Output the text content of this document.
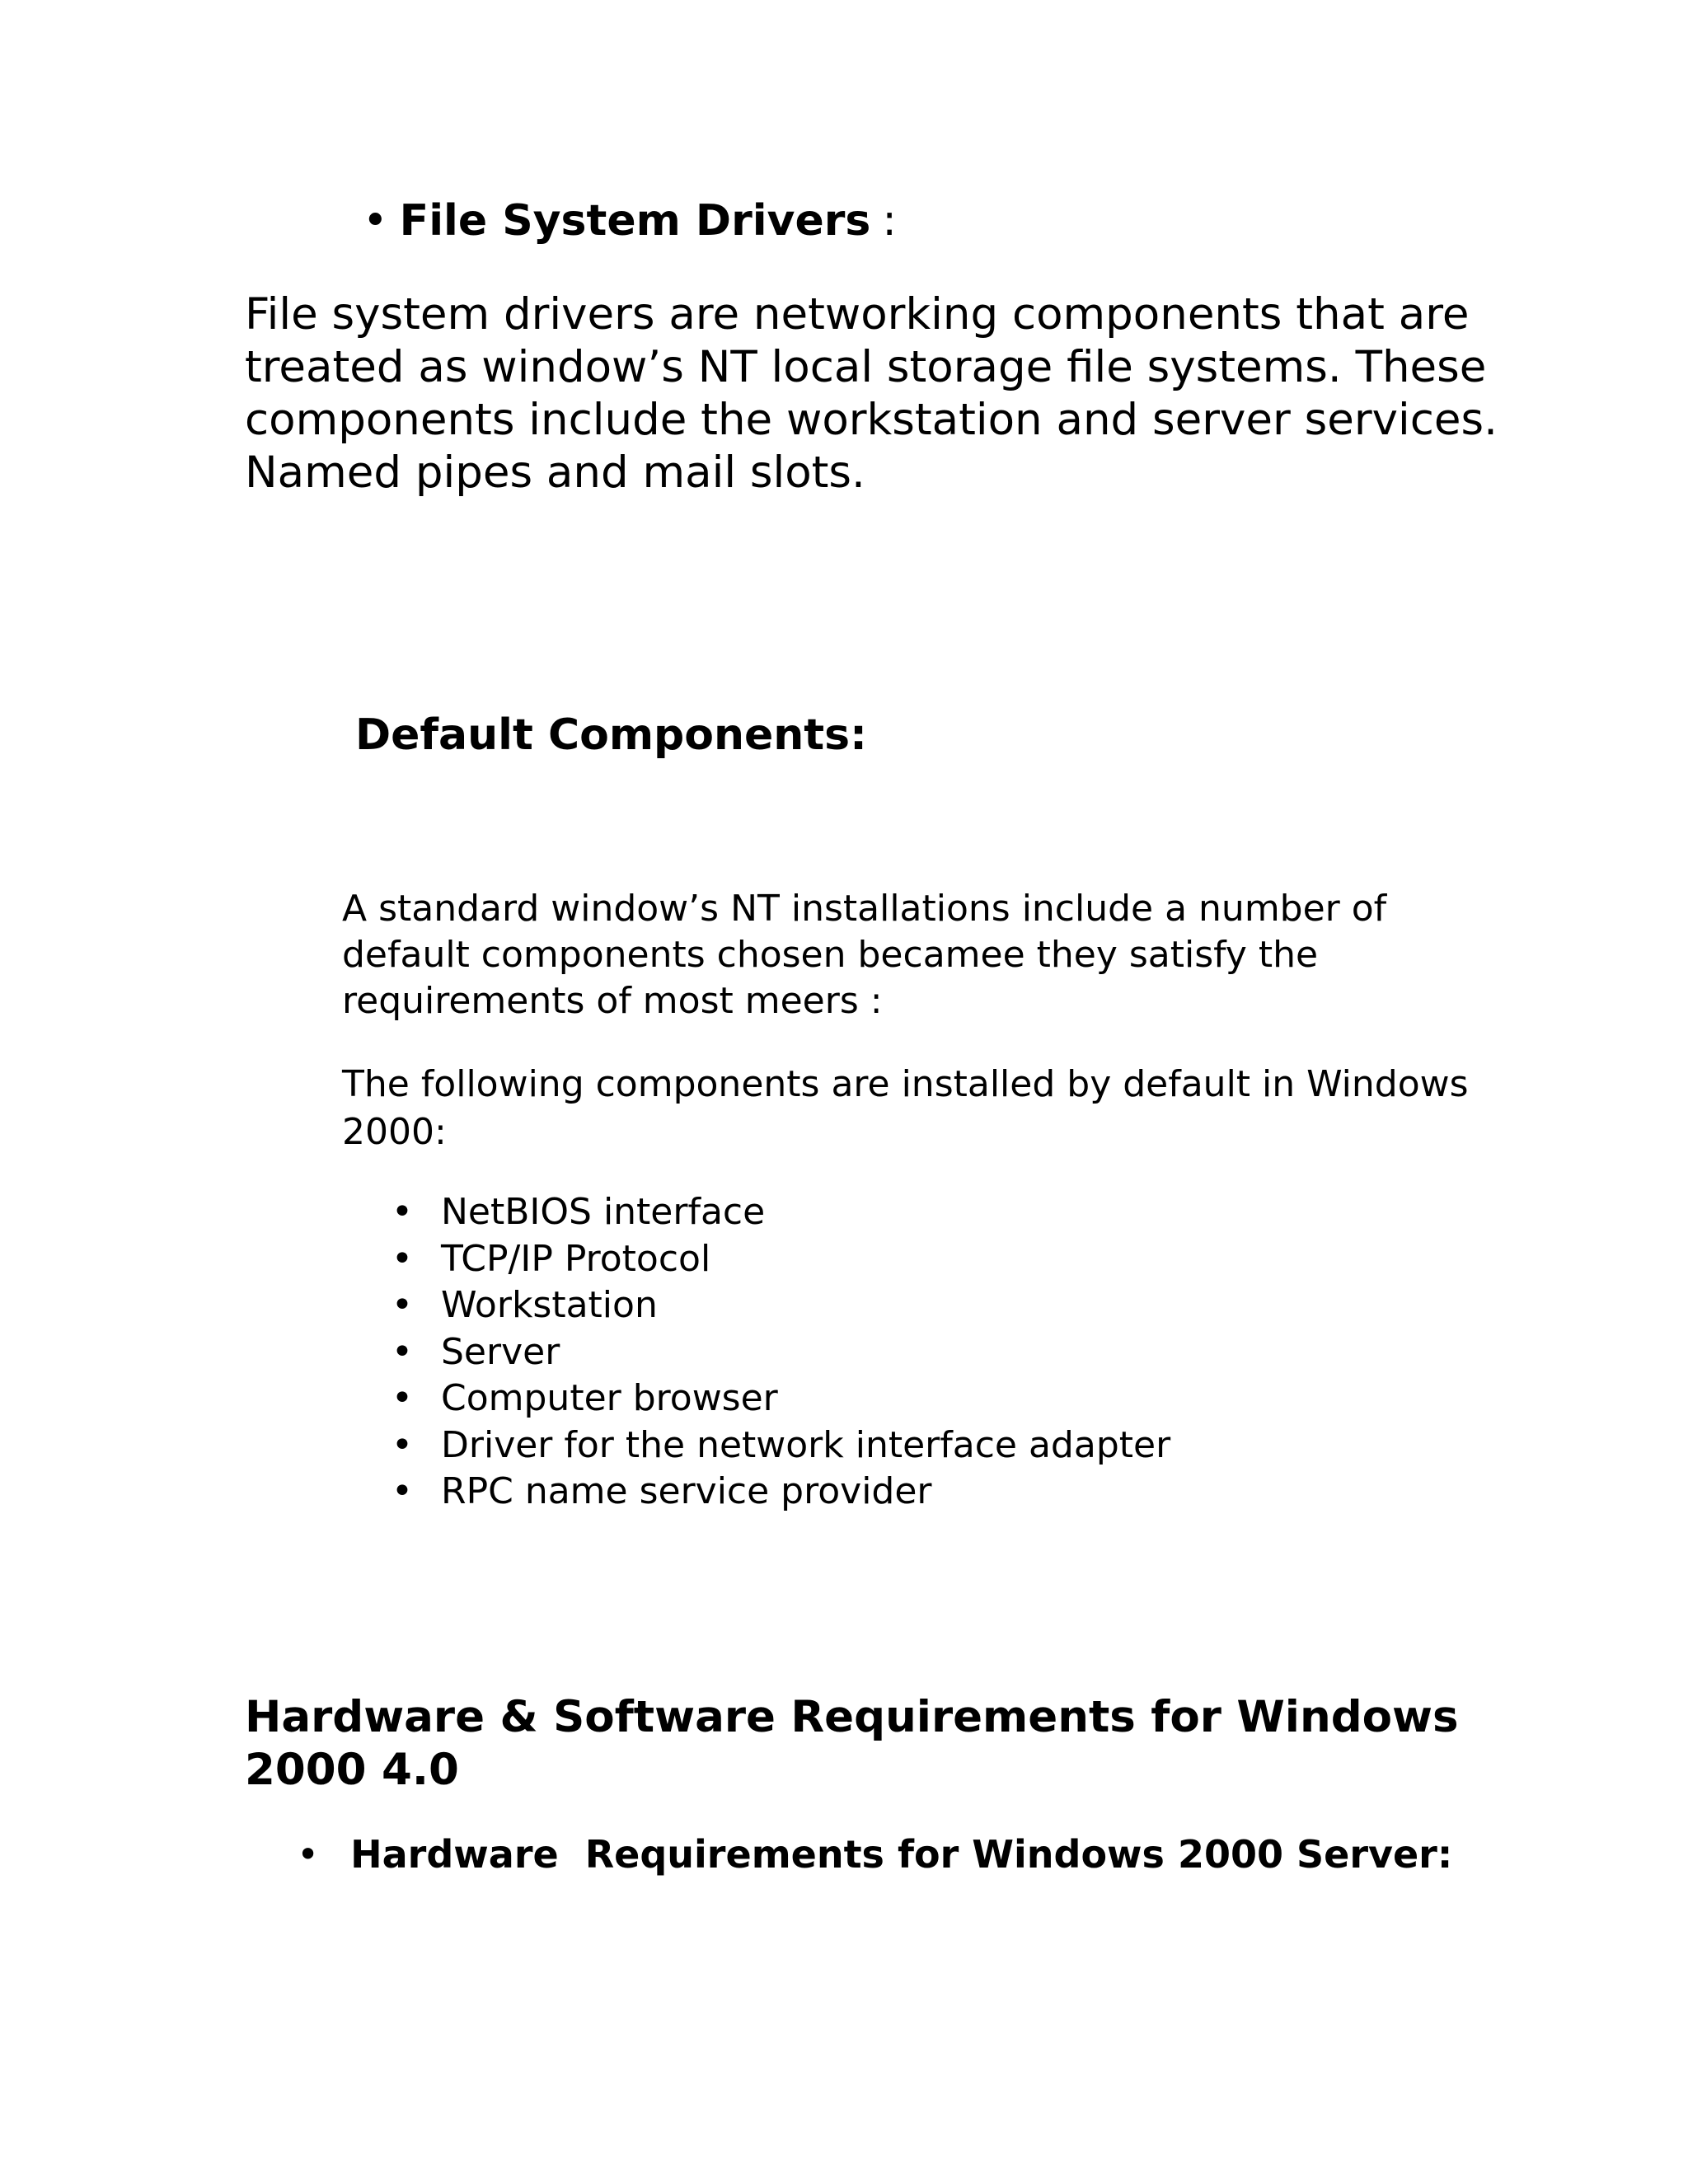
• File System Drivers :

File system drivers are networking components that are treated as window’s NT local storage file systems. These components include the workstation and server services. Named pipes and mail slots.

Default Components:

A standard window’s NT installations include a number of default components chosen becamee they satisfy the requirements of most meers :

The following components are installed by default in Windows 2000:

• NetBIOS interface
• TCP/IP Protocol
• Workstation
• Server
• Computer browser
• Driver for the network interface adapter
• RPC name service provider
Hardware & Software Requirements for Windows 2000 4.0

• Hardware  Requirements for Windows 2000 Server:
